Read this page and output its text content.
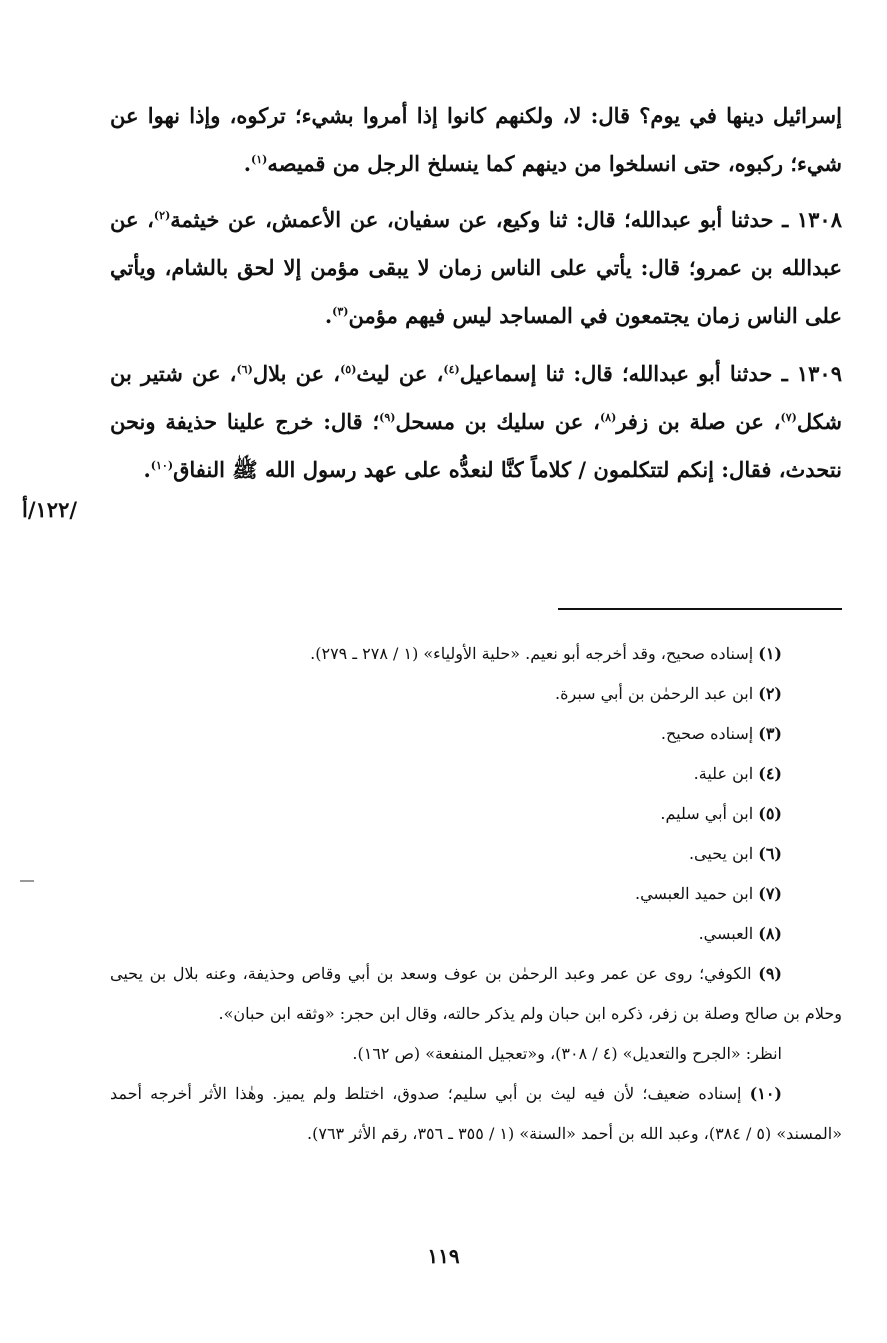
إسرائيل دينها في يوم؟ قال: لا، ولكنهم كانوا إذا أمروا بشيء؛ تركوه، وإذا نهوا عن شيء؛ ركبوه، حتى انسلخوا من دينهم كما ينسلخ الرجل من قميصه$^{(١)}$.

١٣٠٨ ـ حدثنا أبو عبدالله؛ قال: ثنا وكيع، عن سفيان، عن الأعمش، عن خيثمة$^{(٢)}$، عن عبدالله بن عمرو؛ قال: يأتي على الناس زمان لا يبقى مؤمن إلا لحق بالشام، ويأتي على الناس زمان يجتمعون في المساجد ليس فيهم مؤمن$^{(٣)}$.

١٣٠٩ ـ حدثنا أبو عبدالله؛ قال: ثنا إسماعيل$^{(٤)}$، عن ليث$^{(٥)}$، عن بلال$^{(٦)}$، عن شتير بن شكل$^{(٧)}$، عن صلة بن زفر$^{(٨)}$، عن سليك بن مسحل$^{(٩)}$؛ قال: خرج علينا حذيفة ونحن نتحدث، فقال: إنكم لتتكلمون / كلاماً كنَّا لنعدُّه على عهد رسول الله ﷺ النفاق$^{(١٠)}$.

/١٢٢/أ

(١) إسناده صحيح، وقد أخرجه أبو نعيم. «حلية الأولياء» (١ / ٢٧٨ ـ ٢٧٩).

(٢) ابن عبد الرحمٰن بن أبي سبرة.

(٣) إسناده صحيح.

(٤) ابن علية.

(٥) ابن أبي سليم.

(٦) ابن يحيى.

(٧) ابن حميد العبسي.

(٨) العبسي.

(٩) الكوفي؛ روى عن عمر وعبد الرحمٰن بن عوف وسعد بن أبي وقاص وحذيفة، وعنه بلال بن يحيى وحلام بن صالح وصلة بن زفر، ذكره ابن حبان ولم يذكر حالته، وقال ابن حجر: «وثقه ابن حبان».

انظر: «الجرح والتعديل» (٤ / ٣٠٨)، و«تعجيل المنفعة» (ص ١٦٢).

(١٠) إسناده ضعيف؛ لأن فيه ليث بن أبي سليم؛ صدوق، اختلط ولم يميز. وهٰذا الأثر أخرجه أحمد «المسند» (٥ / ٣٨٤)، وعبد الله بن أحمد «السنة» (١ / ٣٥٥ ـ ٣٥٦، رقم الأثر ٧٦٣).

١١٩
